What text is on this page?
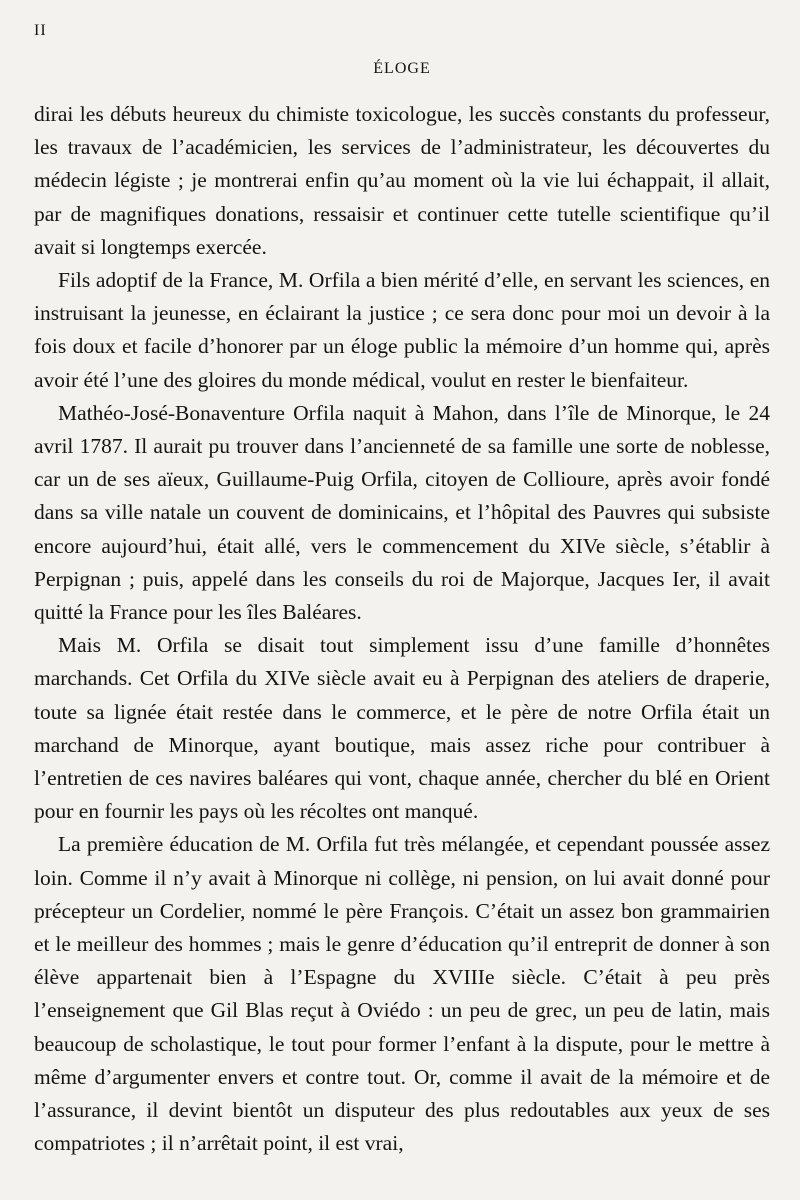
II
ÉLOGE

dirai les débuts heureux du chimiste toxicologue, les succès constants du professeur, les travaux de l’académicien, les services de l’administrateur, les découvertes du médecin légiste ; je montrerai enfin qu’au moment où la vie lui échappait, il allait, par de magnifiques donations, ressaisir et continuer cette tutelle scientifique qu’il avait si longtemps exercée.

Fils adoptif de la France, M. Orfila a bien mérité d’elle, en servant les sciences, en instruisant la jeunesse, en éclairant la justice ; ce sera donc pour moi un devoir à la fois doux et facile d’honorer par un éloge public la mémoire d’un homme qui, après avoir été l’une des gloires du monde médical, voulut en rester le bienfaiteur.

Mathéo-José-Bonaventure Orfila naquit à Mahon, dans l’île de Minorque, le 24 avril 1787. Il aurait pu trouver dans l’ancienneté de sa famille une sorte de noblesse, car un de ses aïeux, Guillaume-Puig Orfila, citoyen de Collioure, après avoir fondé dans sa ville natale un couvent de dominicains, et l’hôpital des Pauvres qui subsiste encore aujourd’hui, était allé, vers le commencement du XIVe siècle, s’établir à Perpignan ; puis, appelé dans les conseils du roi de Majorque, Jacques Ier, il avait quitté la France pour les îles Baléares.

Mais M. Orfila se disait tout simplement issu d’une famille d’honnêtes marchands. Cet Orfila du XIVe siècle avait eu à Perpignan des ateliers de draperie, toute sa lignée était restée dans le commerce, et le père de notre Orfila était un marchand de Minorque, ayant boutique, mais assez riche pour contribuer à l’entretien de ces navires baléares qui vont, chaque année, chercher du blé en Orient pour en fournir les pays où les récoltes ont manqué.

La première éducation de M. Orfila fut très mélangée, et cependant poussée assez loin. Comme il n’y avait à Minorque ni collège, ni pension, on lui avait donné pour précepteur un Cordelier, nommé le père François. C’était un assez bon grammairien et le meilleur des hommes ; mais le genre d’éducation qu’il entreprit de donner à son élève appartenait bien à l’Espagne du XVIIIe siècle. C’était à peu près l’enseignement que Gil Blas reçut à Oviédo : un peu de grec, un peu de latin, mais beaucoup de scholastique, le tout pour former l’enfant à la dispute, pour le mettre à même d’argumenter envers et contre tout. Or, comme il avait de la mémoire et de l’assurance, il devint bientôt un disputeur des plus redoutables aux yeux de ses compatriotes ; il n’arrêtait point, il est vrai,
